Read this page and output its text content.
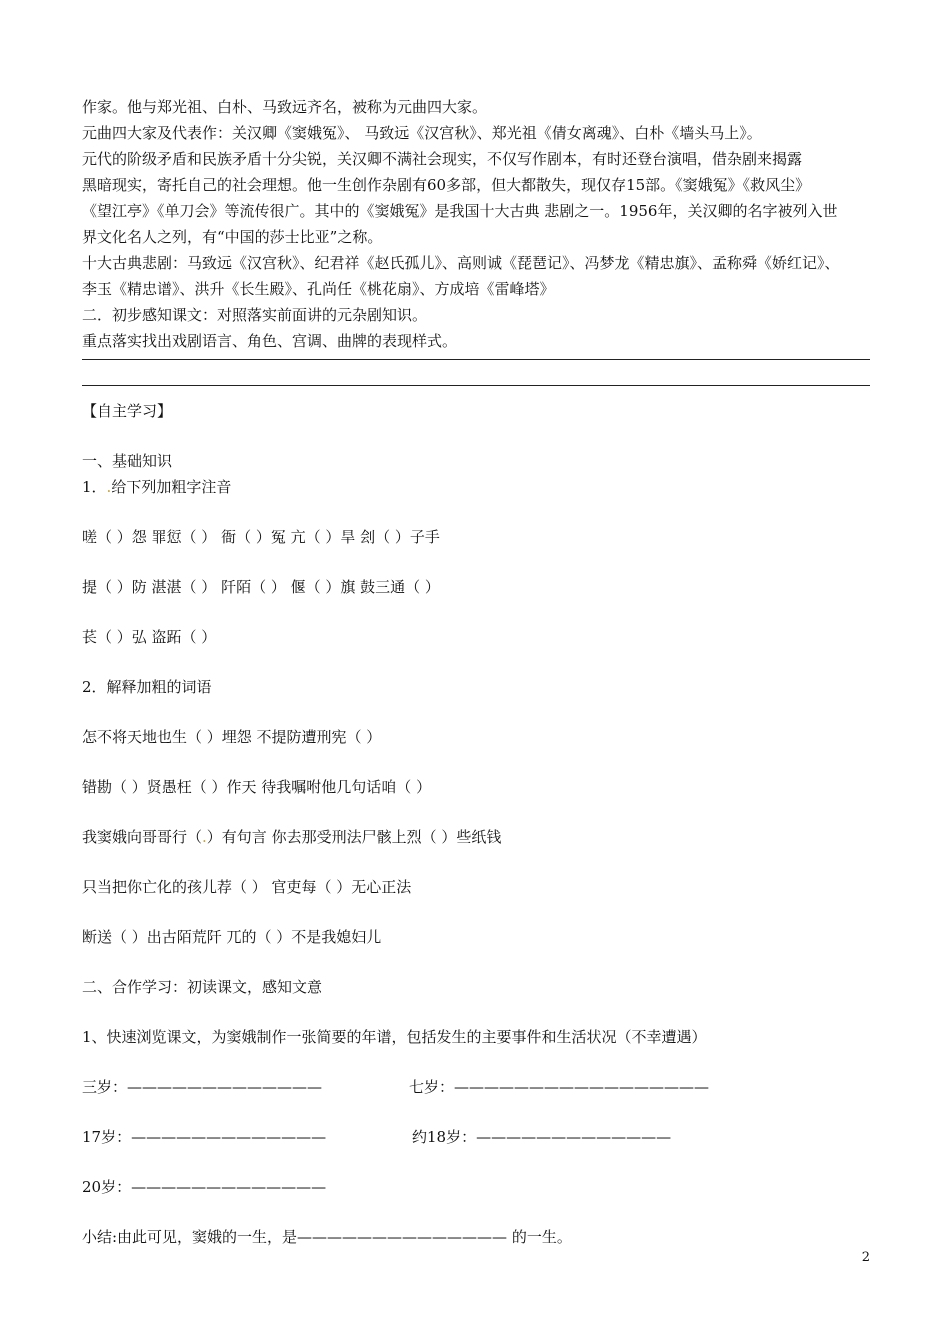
作家。他与郑光祖、白朴、马致远齐名，被称为元曲四大家。
元曲四大家及代表作：关汉卿《窦娥冤》、 马致远《汉宫秋》、郑光祖《倩女离魂》、白朴《墙头马上》。
元代的阶级矛盾和民族矛盾十分尖锐，关汉卿不满社会现实，不仅写作剧本，有时还登台演唱，借杂剧来揭露
黑暗现实，寄托自己的社会理想。他一生创作杂剧有60多部，但大都散失，现仅存15部。《窦娥冤》《救风尘》
《望江亭》《单刀会》等流传很广。其中的《窦娥冤》是我国十大古典 悲剧之一。1956年，关汉卿的名字被列入世
界文化名人之列，有“中国的莎士比亚”之称。
十大古典悲剧：马致远《汉宫秋》、纪君祥《赵氏孤儿》、高则诚《琵琶记》、冯梦龙《精忠旗》、孟称舜《娇红记》、
李玉《精忠谱》、洪升《长生殿》、孔尚任《桃花扇》、方成培《雷峰塔》
二．初步感知课文：对照落实前面讲的元杂剧知识。
重点落实找出戏剧语言、角色、宫调、曲牌的表现样式。
【自主学习】
一、基础知识
1．.给下列加粗字注音
嗟（ ）怨 罪愆（ ） 衙（ ）冤 亢（ ）旱 刽（ ）子手
提（ ）防 湛湛（ ） 阡陌（ ） 偃（ ）旗 鼓三通（ ）
苌（ ）弘 盗跖（ ）
2．解释加粗的词语
怎不将天地也生（ ）埋怨 不提防遭刑宪（ ）
错勘（ ）贤愚枉（ ）作天 待我嘱咐他几句话咱（ ）
我窦娥向哥哥行（.）有句言 你去那受刑法尸骸上烈（ ）些纸钱
只当把你亡化的孩儿荐（ ） 官吏每（ ）无心正法
断送（ ）出古陌荒阡 兀的（ ）不是我媳妇儿
二、合作学习：初读课文，感知文意
1、快速浏览课文，为窦娥制作一张简要的年谱，包括发生的主要事件和生活状况（不幸遭遇）
三岁：—————————————	七岁：—————————————————
17岁：—————————————	约18岁：—————————————
20岁：—————————————
小结:由此可见，窦娥的一生，是—————————————— 的一生。
2
